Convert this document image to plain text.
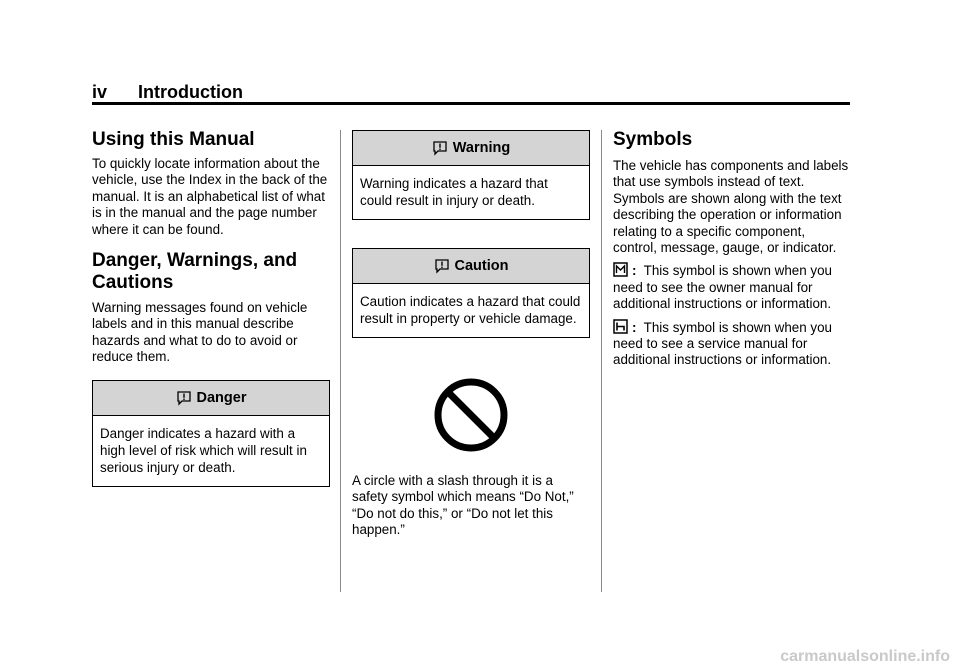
iv Introduction
Using this Manual

To quickly locate information about the vehicle, use the Index in the back of the manual. It is an alphabetical list of what is in the manual and the page number where it can be found.

Danger, Warnings, and
Cautions

Warning messages found on vehicle labels and in this manual describe hazards and what to do to avoid or reduce them.

Danger
Danger indicates a hazard with a high level of risk which will result in serious injury or death.
Warning
Warning indicates a hazard that could result in injury or death.
Caution
Caution indicates a hazard that could result in property or vehicle damage.

A circle with a slash through it is a safety symbol which means “Do Not,” “Do not do this,” or “Do not let this happen.”

Symbols

The vehicle has components and labels that use symbols instead of text. Symbols are shown along with the text describing the operation or information relating to a specific component, control, message, gauge, or indicator.

: This symbol is shown when you need to see the owner manual for additional instructions or information.

: This symbol is shown when you need to see a service manual for additional instructions or information.

carmanualsonline.info
